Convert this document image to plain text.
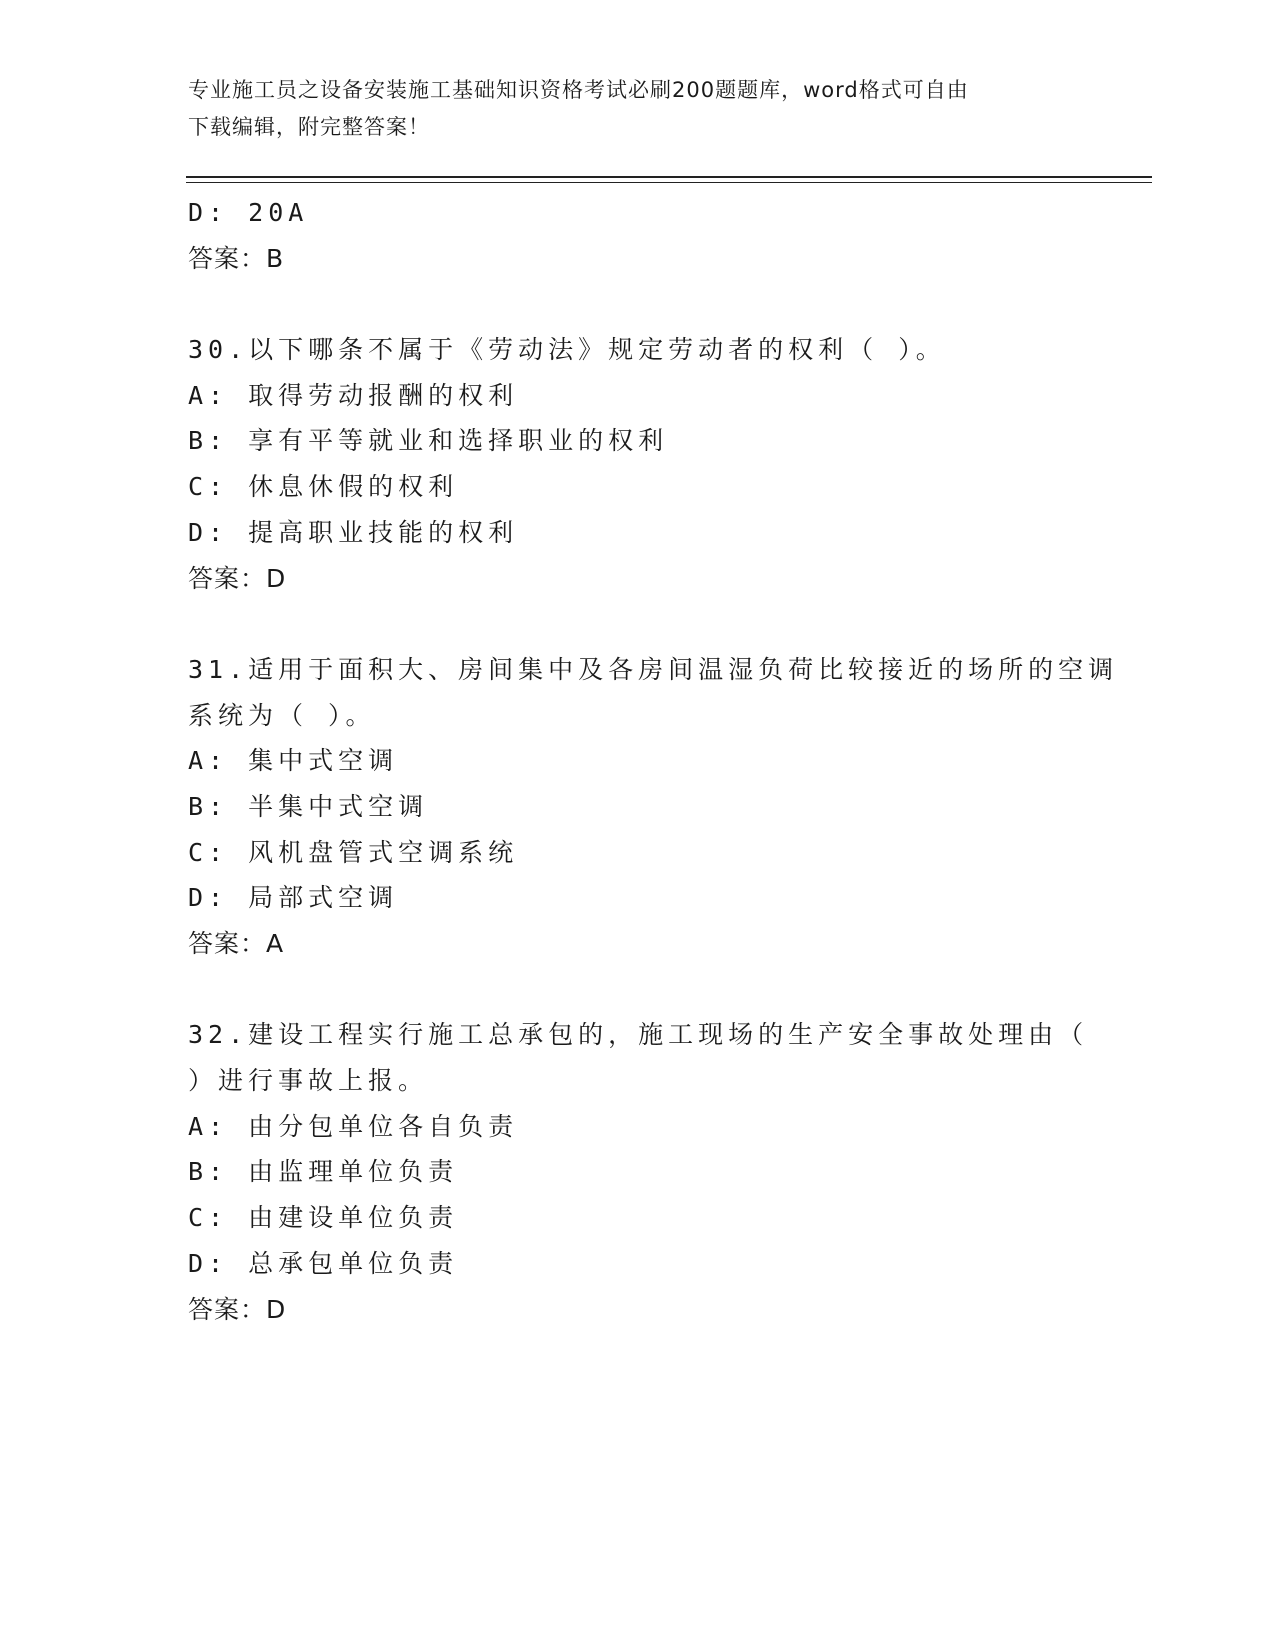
专业施工员之设备安装施工基础知识资格考试必刷200题题库，word格式可自由
下载编辑，附完整答案！
D: 20A
答案：B
30.以下哪条不属于《劳动法》规定劳动者的权利（ ）。
A: 取得劳动报酬的权利
B: 享有平等就业和选择职业的权利
C: 休息休假的权利
D: 提高职业技能的权利
答案：D
31.适用于面积大、房间集中及各房间温湿负荷比较接近的场所的空调
系统为（ ）。
A: 集中式空调
B: 半集中式空调
C: 风机盘管式空调系统
D: 局部式空调
答案：A
32.建设工程实行施工总承包的，施工现场的生产安全事故处理由（
）进行事故上报。
A: 由分包单位各自负责
B: 由监理单位负责
C: 由建设单位负责
D: 总承包单位负责
答案：D
